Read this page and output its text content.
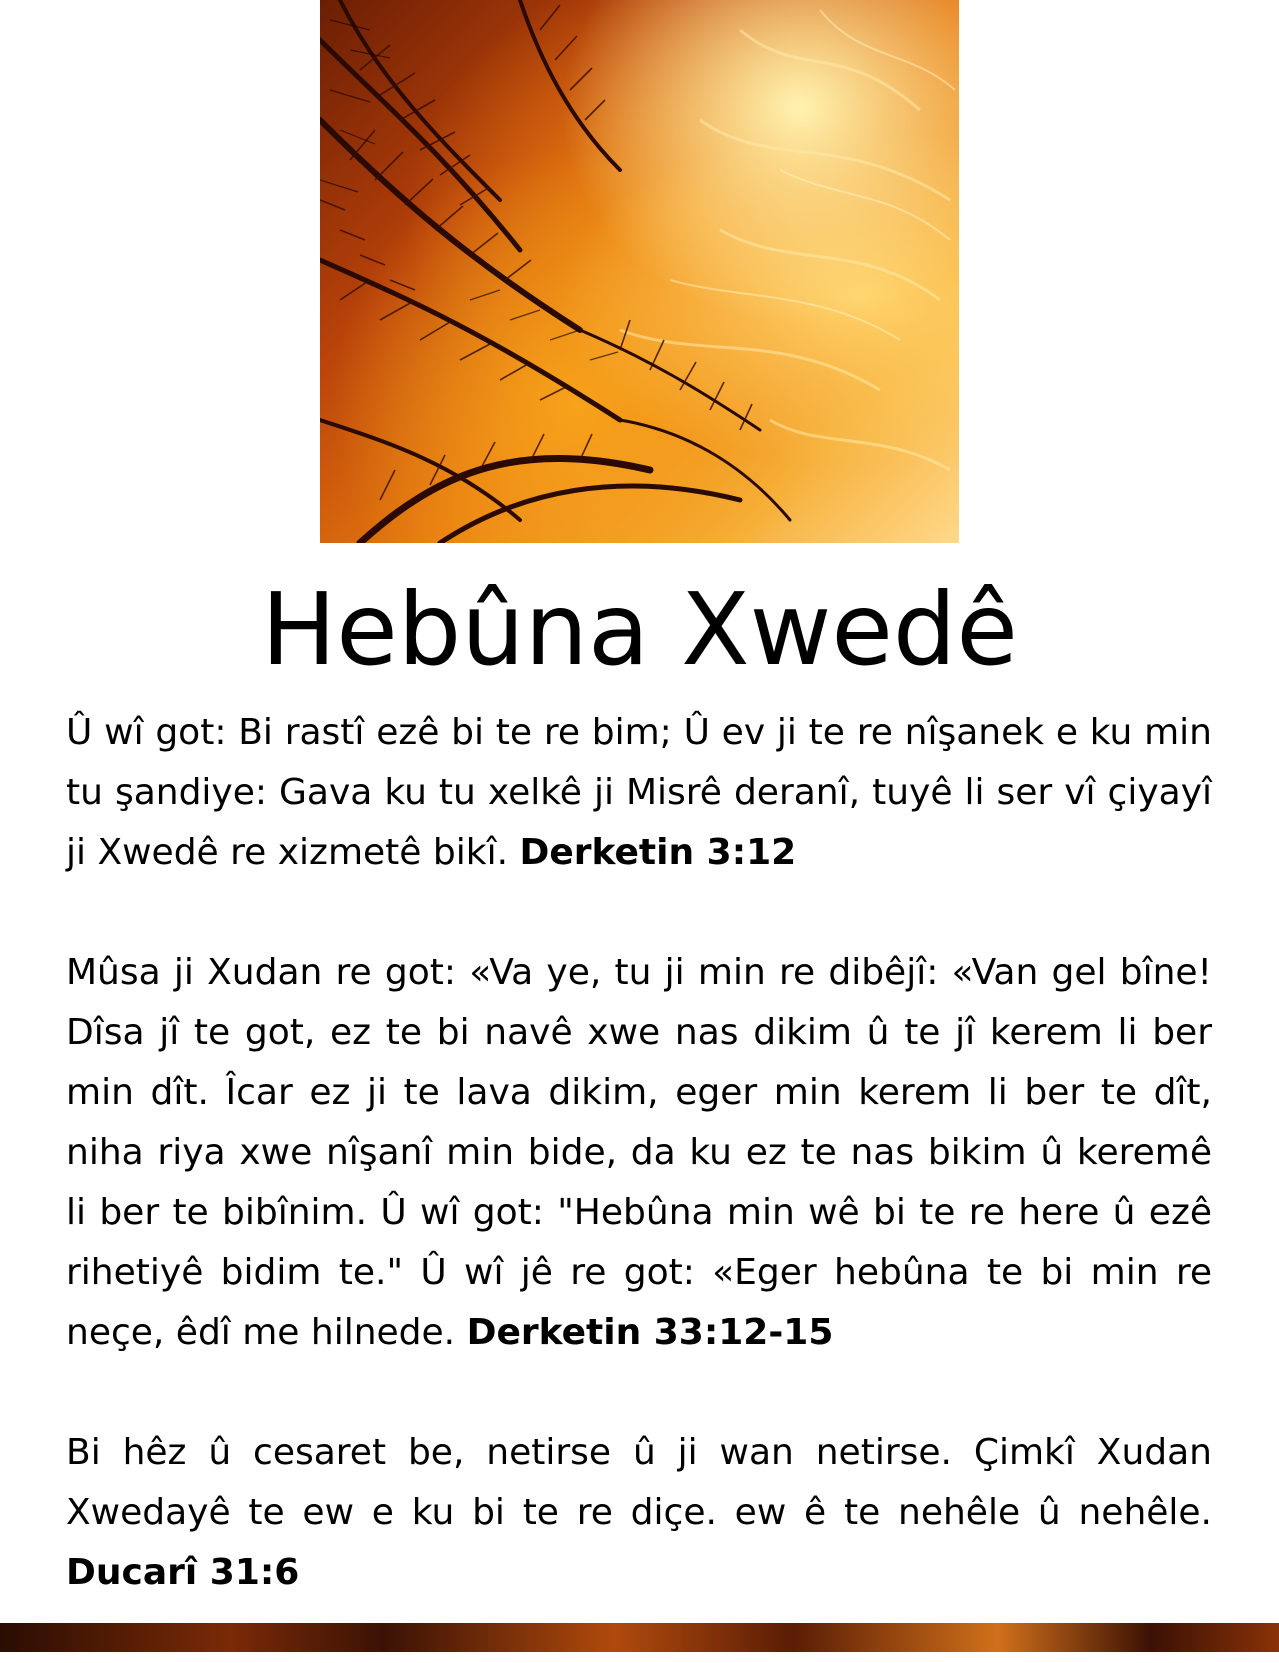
Hebûna Xwedê

Û wî got: Bi rastî ezê bi te re bim; Û ev ji te re nîşanek e ku min tu şandiye: Gava ku tu xelkê ji Misrê deranî, tuyê li ser vî çiyayî ji Xwedê re xizmetê bikî. Derketin 3:12

Mûsa ji Xudan re got: «Va ye, tu ji min re dibêjî: «Van gel bîne! Dîsa jî te got, ez te bi navê xwe nas dikim û te jî kerem li ber min dît. Îcar ez ji te lava dikim, eger min kerem li ber te dît, niha riya xwe nîşanî min bide, da ku ez te nas bikim û keremê li ber te bibînim. Û wî got: "Hebûna min wê bi te re here û ezê rihetiyê bidim te." Û wî jê re got: «Eger hebûna te bi min re neçe, êdî me hilnede. Derketin 33:12-15

Bi hêz û cesaret be, netirse û ji wan netirse. Çimkî Xudan Xwedayê te ew e ku bi te re diçe. ew ê te nehêle û nehêle. Ducarî 31:6
